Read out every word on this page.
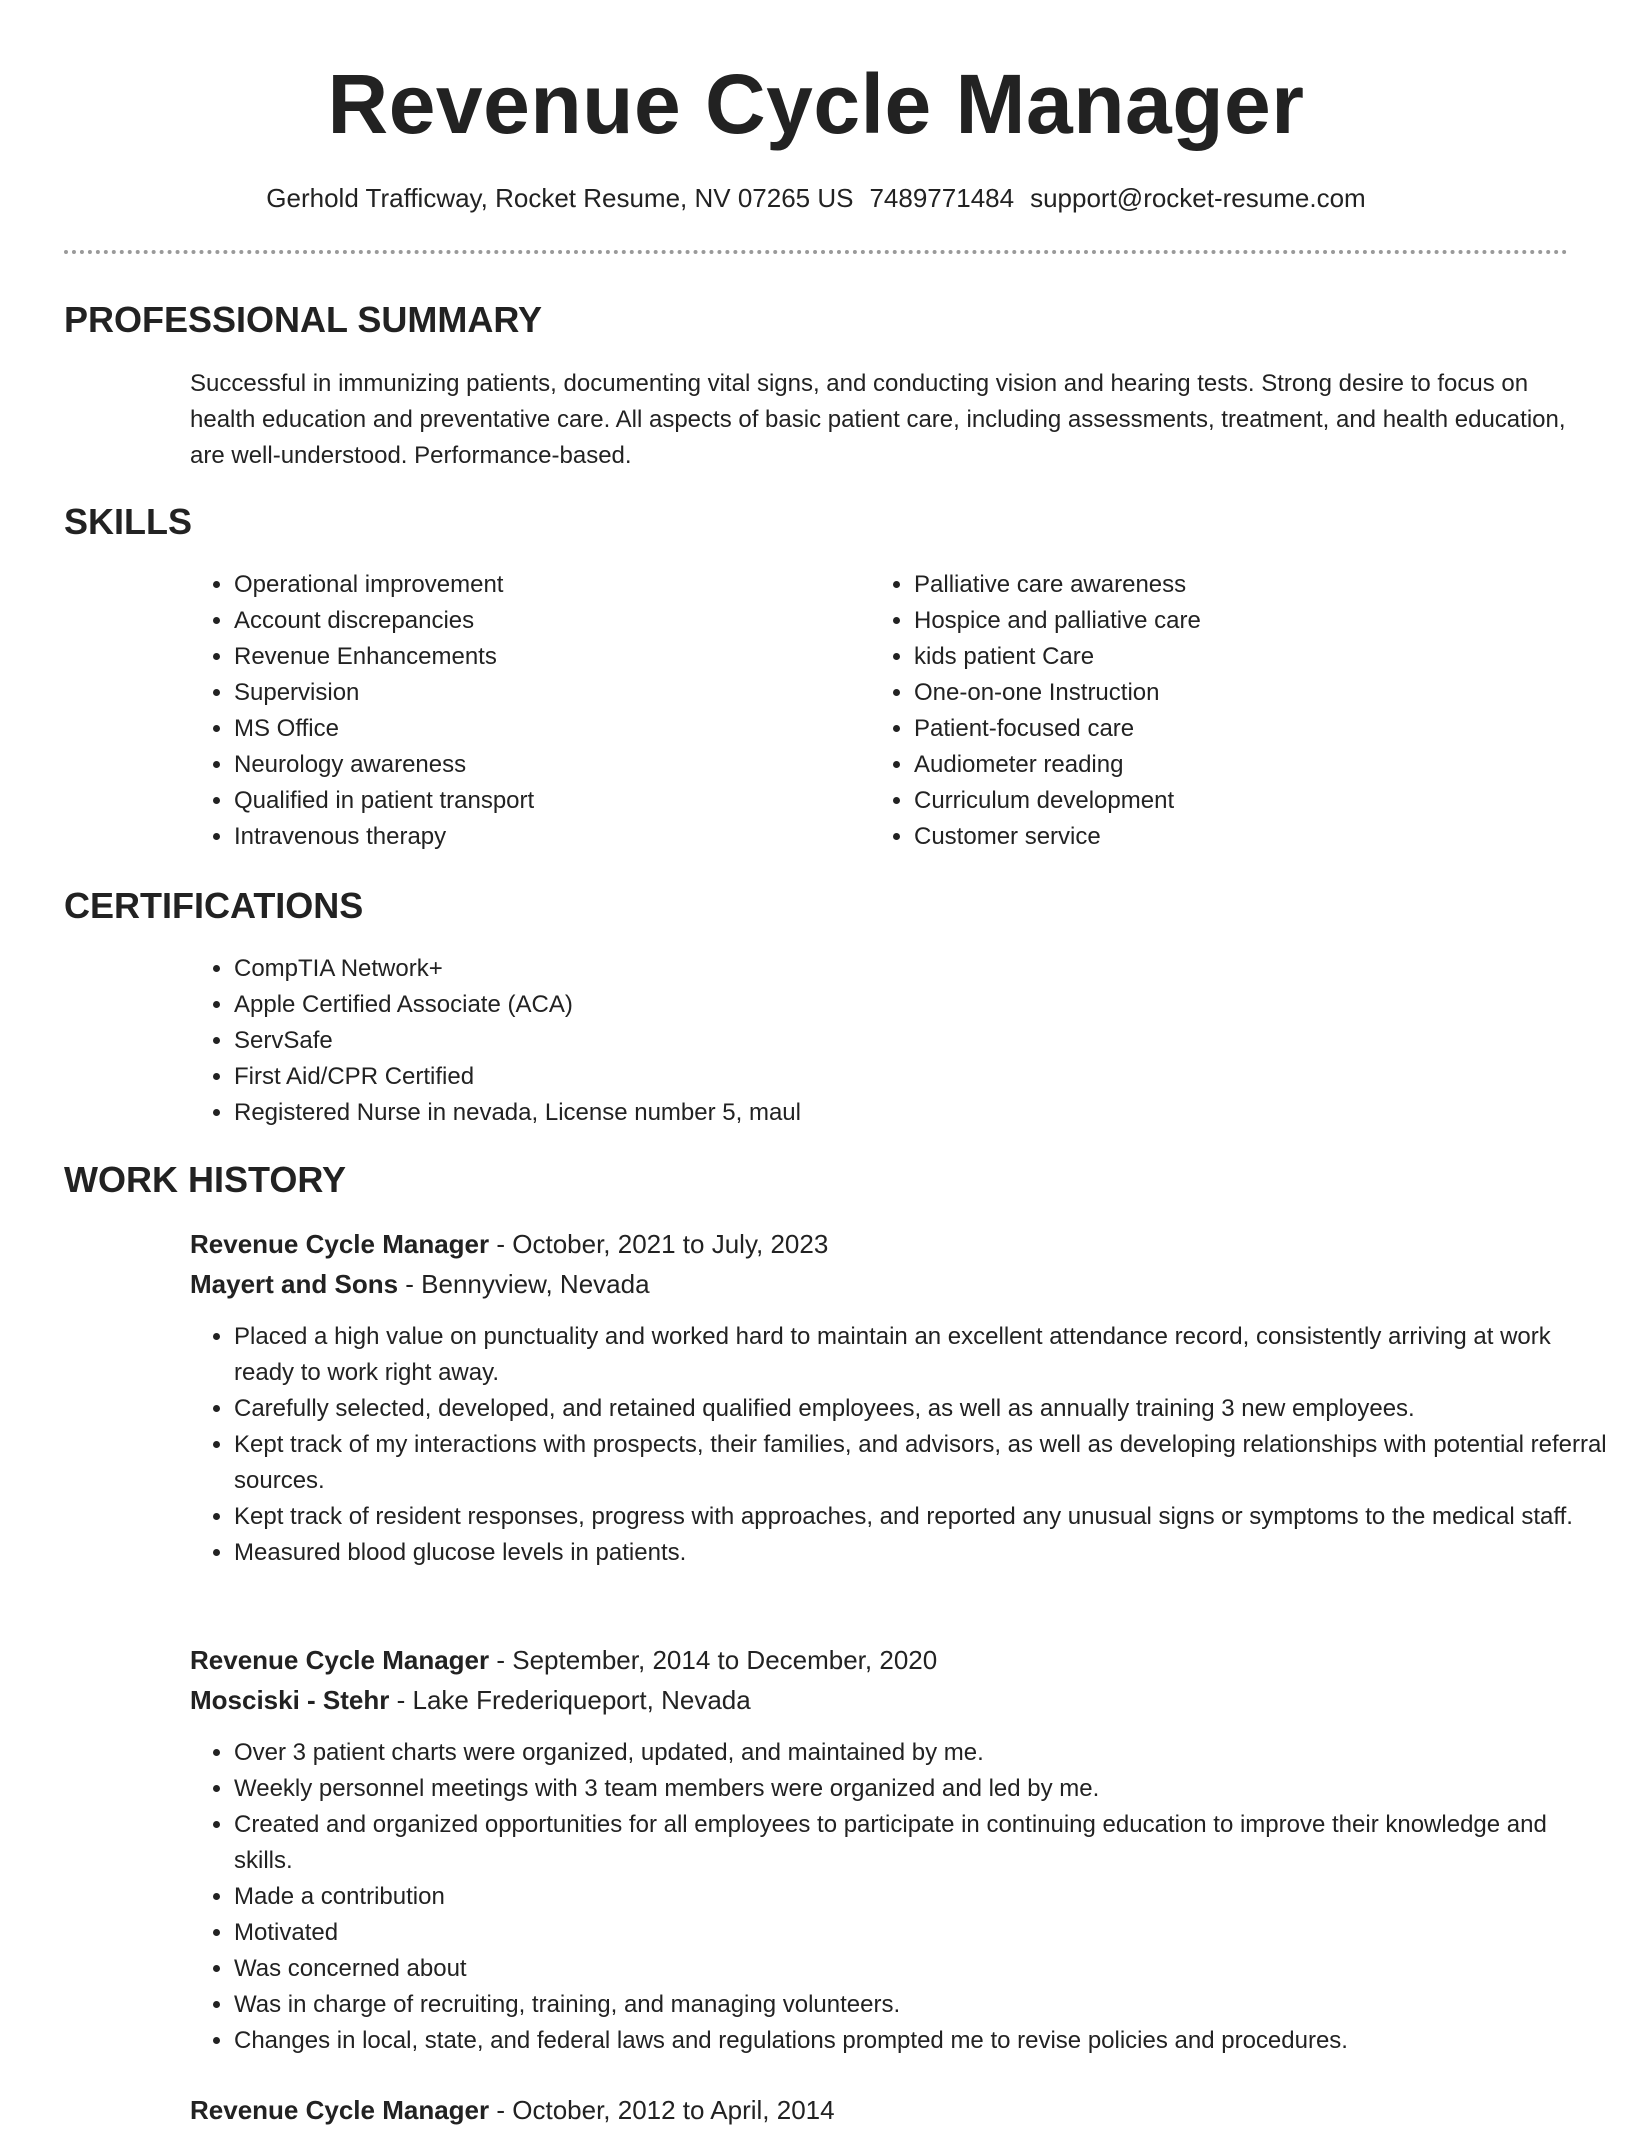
Revenue Cycle Manager
Gerhold Trafficway, Rocket Resume, NV 07265 US 7489771484 support@rocket-resume.com
PROFESSIONAL SUMMARY

Successful in immunizing patients, documenting vital signs, and conducting vision and hearing tests. Strong desire to focus on health education and preventative care. All aspects of basic patient care, including assessments, treatment, and health education, are well-understood. Performance-based.

SKILLS
• Operational improvement
• Account discrepancies
• Revenue Enhancements
• Supervision
• MS Office
• Neurology awareness
• Qualified in patient transport
• Intravenous therapy
• Palliative care awareness
• Hospice and palliative care
• kids patient Care
• One-on-one Instruction
• Patient-focused care
• Audiometer reading
• Curriculum development
• Customer service
CERTIFICATIONS
• CompTIA Network+
• Apple Certified Associate (ACA)
• ServSafe
• First Aid/CPR Certified
• Registered Nurse in nevada, License number 5, maul
WORK HISTORY
Revenue Cycle Manager - October, 2021 to July, 2023
Mayert and Sons - Bennyview, Nevada
• Placed a high value on punctuality and worked hard to maintain an excellent attendance record, consistently arriving at work ready to work right away.
• Carefully selected, developed, and retained qualified employees, as well as annually training 3 new employees.
• Kept track of my interactions with prospects, their families, and advisors, as well as developing relationships with potential referral sources.
• Kept track of resident responses, progress with approaches, and reported any unusual signs or symptoms to the medical staff.
• Measured blood glucose levels in patients.
Revenue Cycle Manager - September, 2014 to December, 2020
Mosciski - Stehr - Lake Frederiqueport, Nevada
• Over 3 patient charts were organized, updated, and maintained by me.
• Weekly personnel meetings with 3 team members were organized and led by me.
• Created and organized opportunities for all employees to participate in continuing education to improve their knowledge and skills.
• Made a contribution
• Motivated
• Was concerned about
• Was in charge of recruiting, training, and managing volunteers.
• Changes in local, state, and federal laws and regulations prompted me to revise policies and procedures.
Revenue Cycle Manager - October, 2012 to April, 2014
